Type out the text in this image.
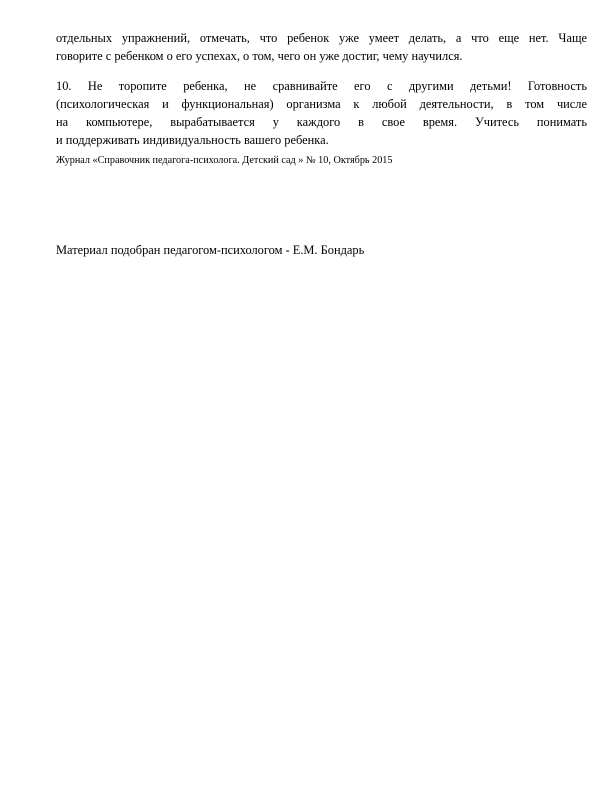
отдельных упражнений, отмечать, что ребенок уже умеет делать, а что еще нет. Чаще
говорите с ребенком о его успехах, о том, чего он уже достиг, чему научился.
10. Не торопите ребенка, не сравнивайте его с другими детьми! Готовность
(психологическая и функциональная) организма к любой деятельности, в том числе
на компьютере, вырабатывается у каждого в свое время. Учитесь понимать
и поддерживать индивидуальность вашего ребенка.
Журнал «Справочник педагога-психолога. Детский сад » № 10, Октябрь 2015
Материал подобран педагогом-психологом - Е.М. Бондарь
